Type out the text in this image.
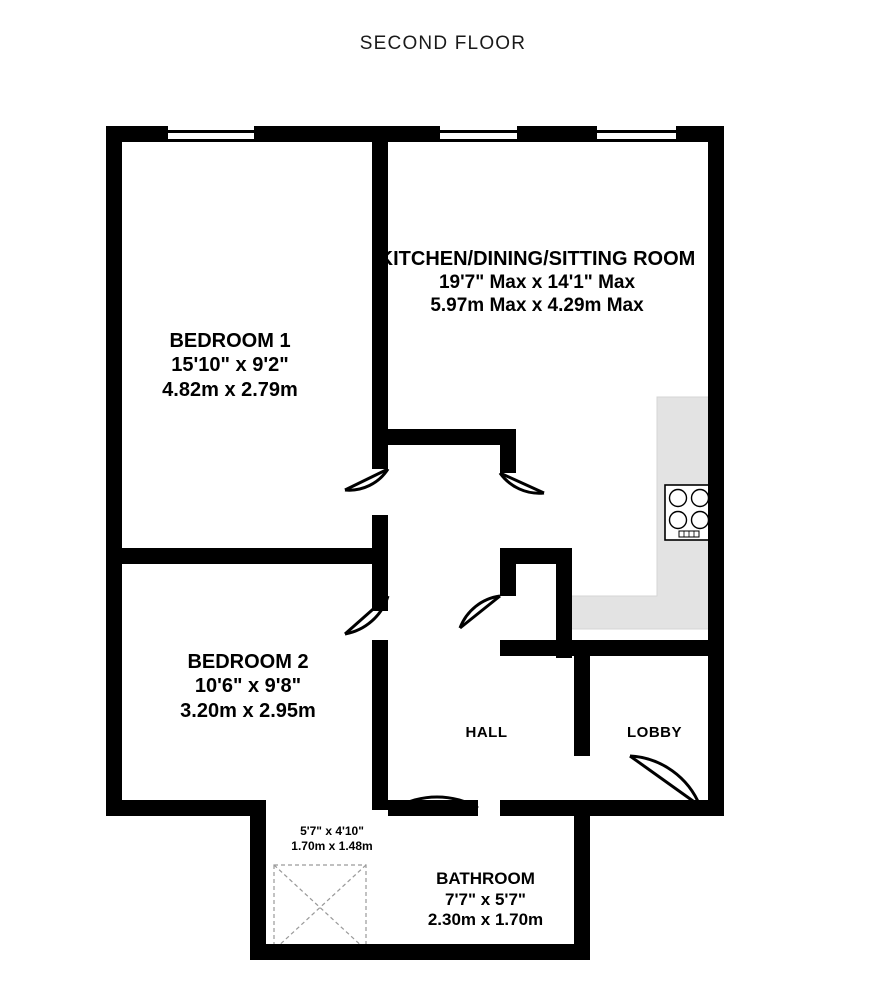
SECOND FLOOR
BEDROOM 1
15'10" x 9'2"
4.82m x 2.79m
BEDROOM 2
10'6" x 9'8"
3.20m x 2.95m
KITCHEN/DINING/SITTING ROOM
19'7" Max x 14'1" Max
5.97m Max x 4.29m Max
BATHROOM
7'7" x 5'7"
2.30m x 1.70m
HALL	LOBBY
5'7" x 4'10"
1.70m x 1.48m
